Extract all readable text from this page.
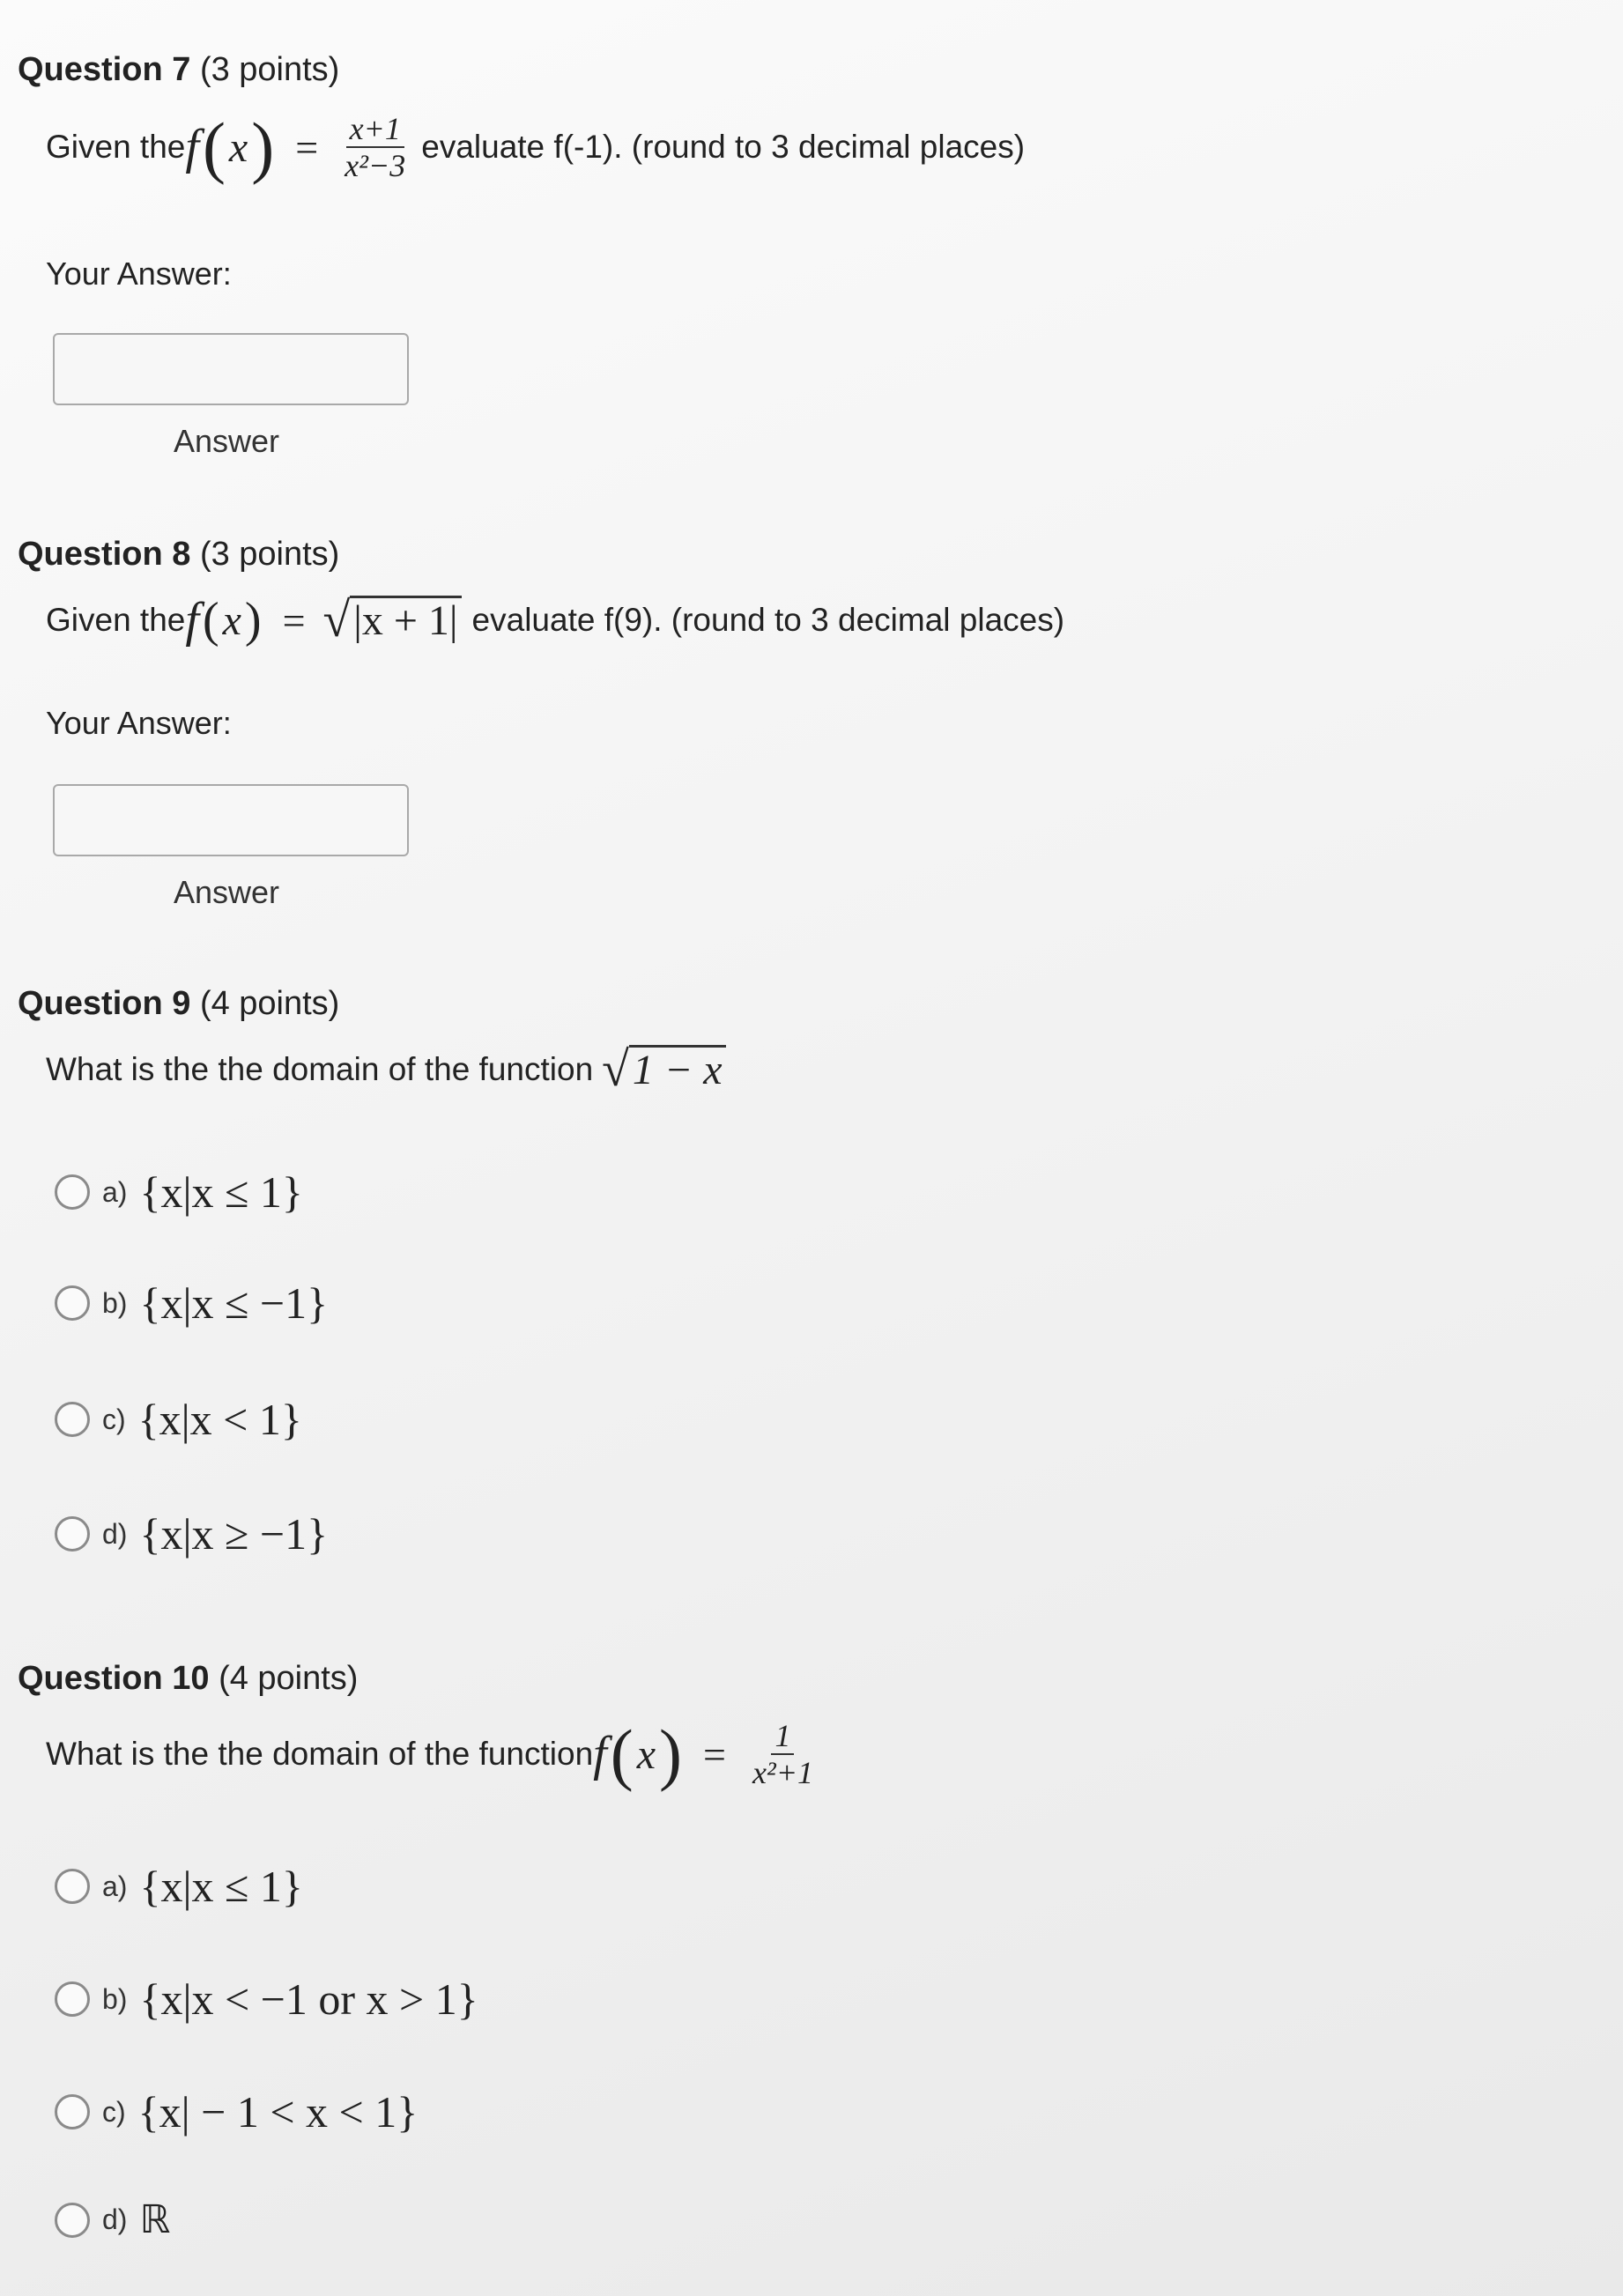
Question 7 (3 points)
Given the f ( x ) = $\frac{x+1}{\text{x²−3}}$ evaluate f(-1). (round to 3 decimal places)
Your Answer:
Answer
Question 8 (3 points)
Given the f ( x ) = √ |x + 1| evaluate f(9). (round to 3 decimal places)
Your Answer:
Answer
Question 9 (4 points)
What is the the domain of the function √ 1 − x
a) {x|x ≤ 1}
b) {x|x ≤ −1}
c) {x|x < 1}
d) {x|x ≥ −1}
Question 10 (4 points)
What is the the domain of the function f ( x ) = $\frac{1}{\text{x²+1}}$
a) {x|x ≤ 1}
b) {x|x < −1 or x > 1}
c) {x| − 1 < x < 1}
d) ℝ
